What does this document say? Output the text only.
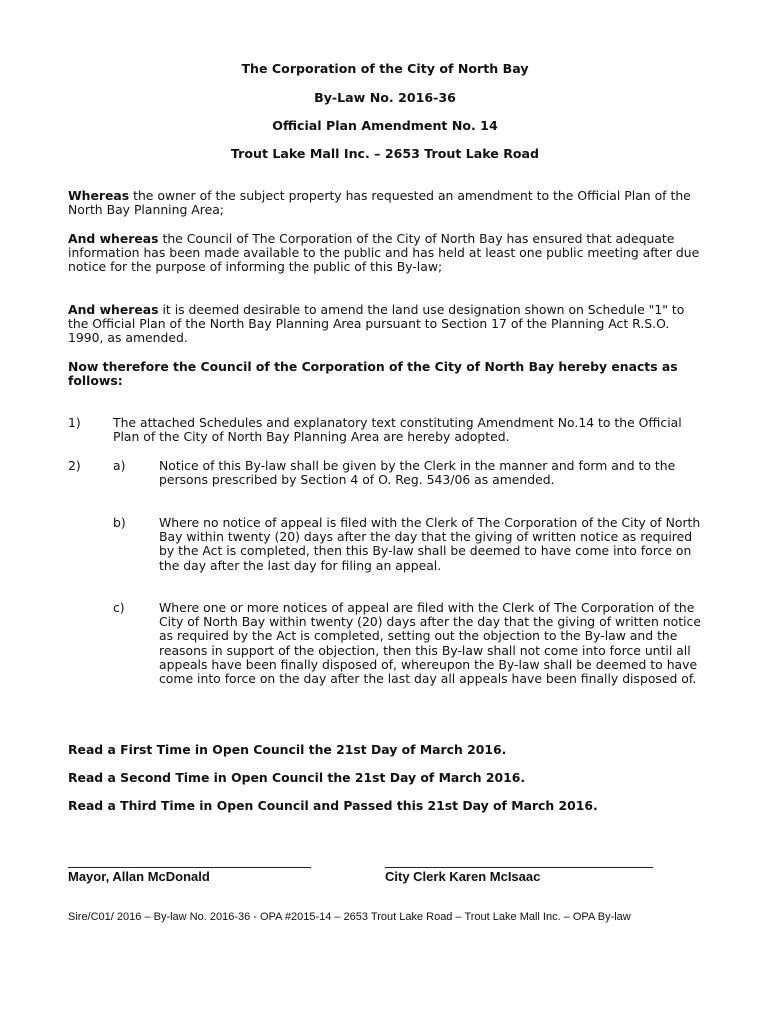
The Corporation of the City of North Bay
By-Law No. 2016-36
Official Plan Amendment No. 14
Trout Lake Mall Inc. – 2653 Trout Lake Road
Whereas the owner of the subject property has requested an amendment to the Official Plan of the North Bay Planning Area;
And whereas the Council of The Corporation of the City of North Bay has ensured that adequate information has been made available to the public and has held at least one public meeting after due notice for the purpose of informing the public of this By-law;
And whereas it is deemed desirable to amend the land use designation shown on Schedule "1" to the Official Plan of the North Bay Planning Area pursuant to Section 17 of the Planning Act R.S.O. 1990, as amended.
Now therefore the Council of the Corporation of the City of North Bay hereby enacts as follows:
1)	The attached Schedules and explanatory text constituting Amendment No.14 to the Official Plan of the City of North Bay Planning Area are hereby adopted.
2)	a)	Notice of this By-law shall be given by the Clerk in the manner and form and to the persons prescribed by Section 4 of O. Reg. 543/06 as amended.
b)	Where no notice of appeal is filed with the Clerk of The Corporation of the City of North Bay within twenty (20) days after the day that the giving of written notice as required by the Act is completed, then this By-law shall be deemed to have come into force on the day after the last day for filing an appeal.
c)	Where one or more notices of appeal are filed with the Clerk of The Corporation of the City of North Bay within twenty (20) days after the day that the giving of written notice as required by the Act is completed, setting out the objection to the By-law and the reasons in support of the objection, then this By-law shall not come into force until all appeals have been finally disposed of, whereupon the By-law shall be deemed to have come into force on the day after the last day all appeals have been finally disposed of.
Read a First Time in Open Council the 21st Day of March 2016.
Read a Second Time in Open Council the 21st Day of March 2016.
Read a Third Time in Open Council and Passed this 21st Day of March 2016.
Mayor, Allan McDonald	City Clerk Karen McIsaac
Sire/C01/ 2016 – By-law No. 2016-36 - OPA #2015-14 – 2653 Trout Lake Road – Trout Lake Mall Inc. – OPA By-law
